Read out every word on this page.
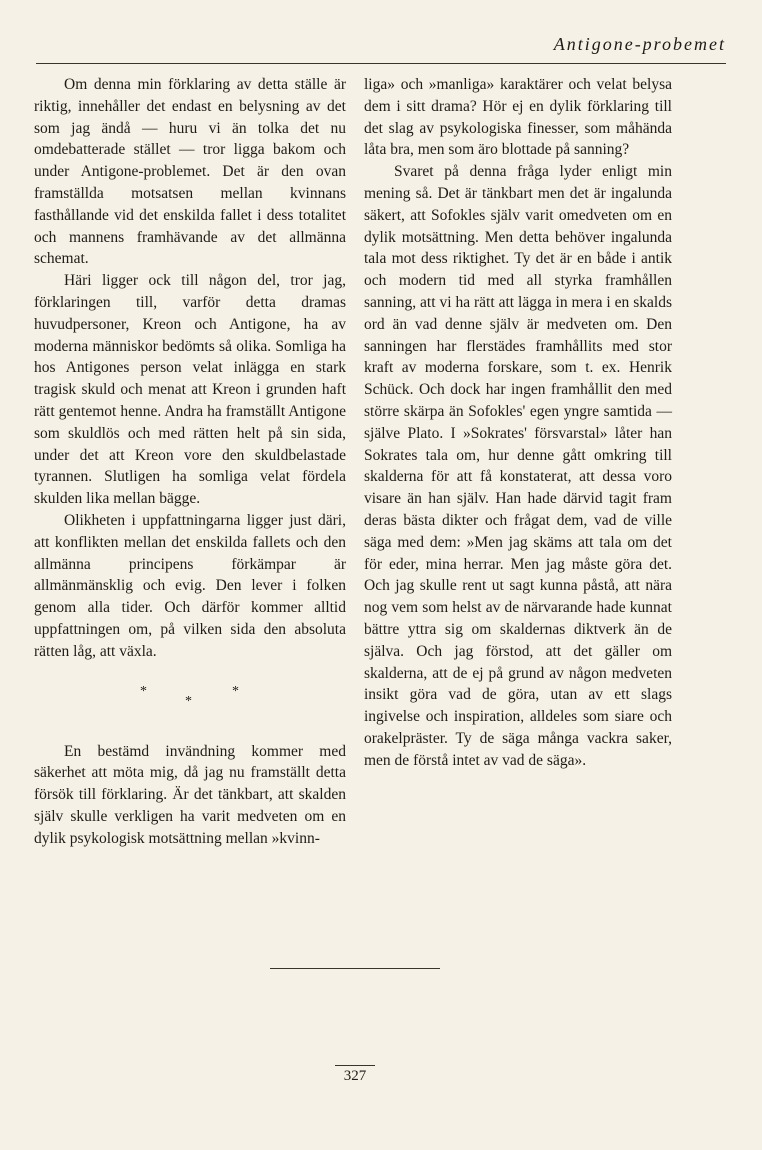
Antigone-probemet

Om denna min förklaring av detta ställe är riktig, innehåller det endast en belysning av det som jag ändå — huru vi än tolka det nu omdebatterade stället — tror ligga bakom och under Antigone-problemet. Det är den ovan framställda motsatsen mellan kvinnans fasthållande vid det enskilda fallet i dess totalitet och mannens framhävande av det allmänna schemat.

Häri ligger ock till någon del, tror jag, förklaringen till, varför detta dramas huvudpersoner, Kreon och Antigone, ha av moderna människor bedömts så olika. Somliga ha hos Antigones person velat inlägga en stark tragisk skuld och menat att Kreon i grunden haft rätt gentemot henne. Andra ha framställt Antigone som skuldlös och med rätten helt på sin sida, under det att Kreon vore den skuldbelastade tyrannen. Slutligen ha somliga velat fördela skulden lika mellan bägge.

Olikheten i uppfattningarna ligger just däri, att konflikten mellan det enskilda fallets och den allmänna principens förkämpar är allmänmänsklig och evig. Den lever i folken genom alla tider. Och därför kommer alltid uppfattningen om, på vilken sida den absoluta rätten låg, att växla.

*
*
*

En bestämd invändning kommer med säkerhet att möta mig, då jag nu framställt detta försök till förklaring. Är det tänkbart, att skalden själv skulle verkligen ha varit medveten om en dylik psykologisk motsättning mellan »kvinn-

liga» och »manliga» karaktärer och velat belysa dem i sitt drama? Hör ej en dylik förklaring till det slag av psykologiska finesser, som måhända låta bra, men som äro blottade på sanning?

Svaret på denna fråga lyder enligt min mening så. Det är tänkbart men det är ingalunda säkert, att Sofokles själv varit omedveten om en dylik motsättning. Men detta behöver ingalunda tala mot dess riktighet. Ty det är en både i antik och modern tid med all styrka framhållen sanning, att vi ha rätt att lägga in mera i en skalds ord än vad denne själv är medveten om. Den sanningen har flerstädes framhållits med stor kraft av moderna forskare, som t. ex. Henrik Schück. Och dock har ingen framhållit den med större skärpa än Sofokles' egen yngre samtida — själve Plato. I »Sokrates' försvarstal» låter han Sokrates tala om, hur denne gått omkring till skalderna för att få konstaterat, att dessa voro visare än han själv. Han hade därvid tagit fram deras bästa dikter och frågat dem, vad de ville säga med dem: »Men jag skäms att tala om det för eder, mina herrar. Men jag måste göra det. Och jag skulle rent ut sagt kunna påstå, att nära nog vem som helst av de närvarande hade kunnat bättre yttra sig om skaldernas diktverk än de själva. Och jag förstod, att det gäller om skalderna, att de ej på grund av någon medveten insikt göra vad de göra, utan av ett slags ingivelse och inspiration, alldeles som siare och orakelpräster. Ty de säga många vackra saker, men de förstå intet av vad de säga».

327
